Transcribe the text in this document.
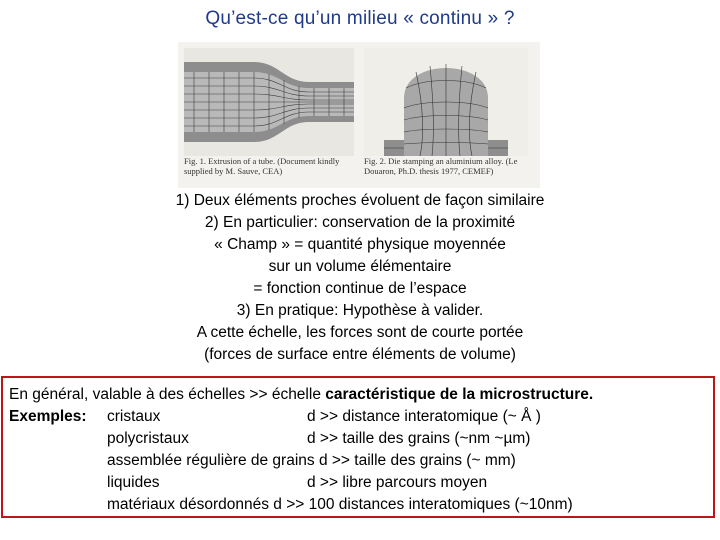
Qu’est-ce qu’un milieu « continu » ?
Fig. 1. Extrusion of a tube. (Document kindly supplied by M. Sauve, CEA)
Fig. 2. Die stamping an aluminium alloy. (Le Douaron, Ph.D. thesis 1977, CEMEF)
1) Deux éléments proches évoluent de façon similaire
2) En particulier: conservation de la proximité
« Champ » = quantité physique moyennée
sur un volume élémentaire
= fonction continue de l’espace
3) En pratique: Hypothèse à valider.
A cette échelle, les forces sont de courte portée
(forces de surface entre éléments de volume)
En général, valable à des échelles >> échelle caractéristique de la microstructure.
Exemples: cristaux	d >> distance interatomique (~ Å )
polycristaux	d >> taille des grains (~nm ~µm)
assemblée régulière de grains d >> taille des grains (~ mm)
liquides	d >> libre parcours moyen
matériaux désordonnés d >> 100 distances interatomiques (~10nm)
